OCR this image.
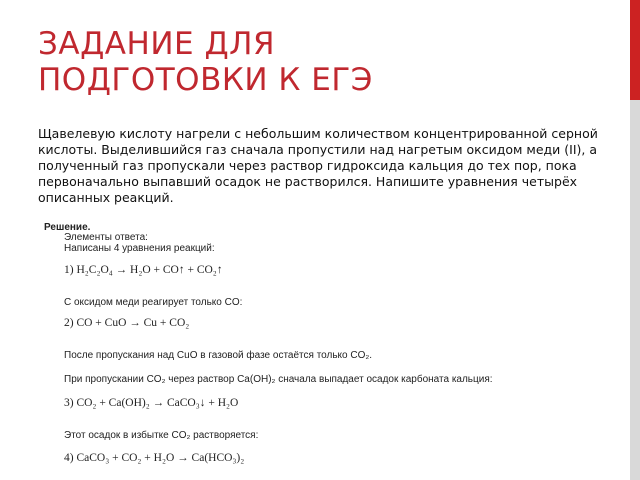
ЗАДАНИЕ ДЛЯ
ПОДГОТОВКИ К ЕГЭ
Щавелевую кислоту нагрели с небольшим количеством концентрированной серной кислоты. Выделившийся газ сначала пропустили над нагретым оксидом меди (II), а полученный газ пропускали через раствор гидроксида кальция до тех пор, пока первоначально выпавший осадок не растворился. Напишите уравнения четырёх описанных реакций.
Решение.
Элементы ответа:
Написаны 4 уравнения реакций:
1) H₂C₂O₄ → H₂O + CO↑ + CO₂↑
С оксидом меди реагирует только CO:
2) CO + CuO → Cu + CO₂
После пропускания над CuO в газовой фазе остаётся только CO₂.
При пропускании CO₂ через раствор Ca(OH)₂ сначала выпадает осадок карбоната кальция:
3) CO₂ + Ca(OH)₂ → CaCO₃↓ + H₂O
Этот осадок в избытке CO₂ растворяется:
4) CaCO₃ + CO₂ + H₂O → Ca(HCO₃)₂
